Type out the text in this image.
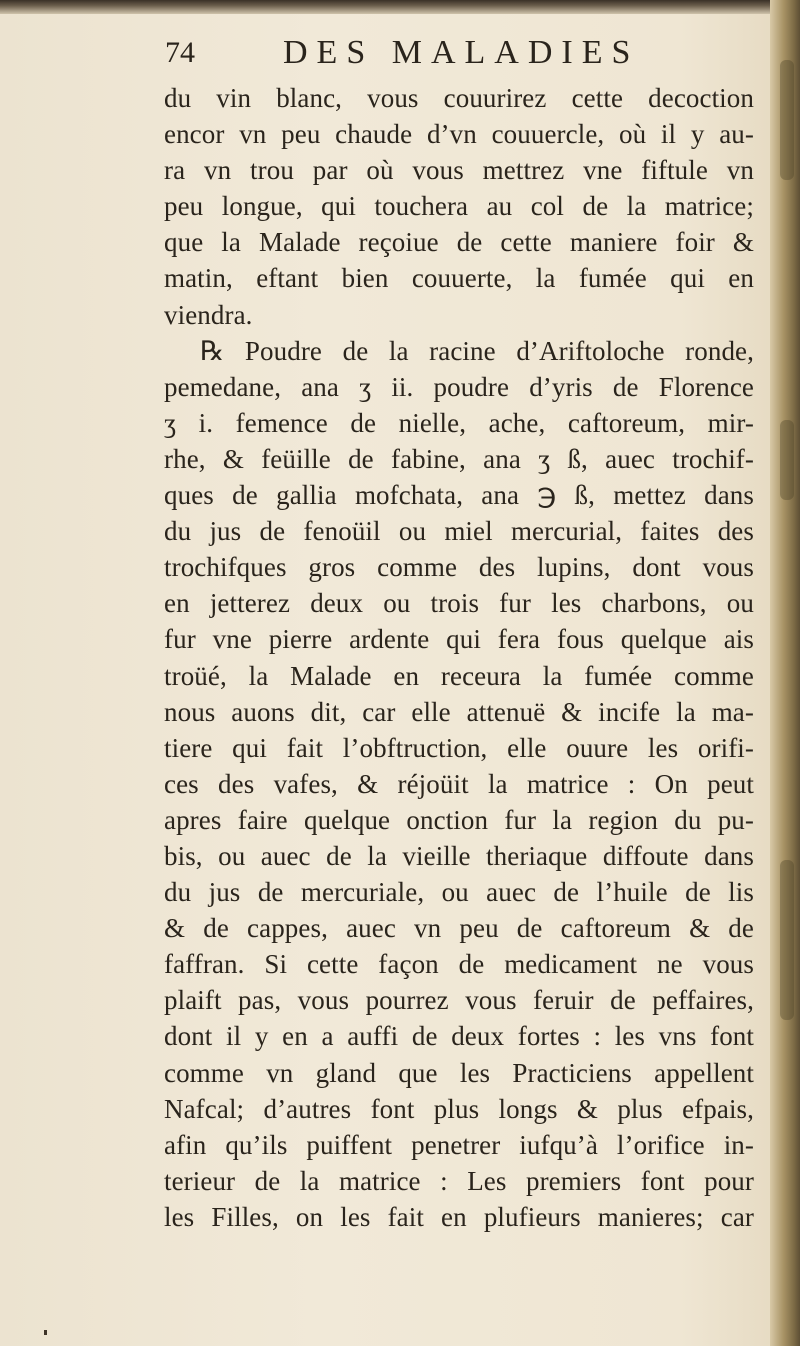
74	DES MALADIES
du vin blanc, vous couurirez cette decoction
encor vn peu chaude d’vn couuercle, où il y au-
ra vn trou par où vous mettrez vne fiftule vn
peu longue, qui touchera au col de la matrice;
que la Malade reçoiue de cette maniere foir &
matin, eftant bien couuerte, la fumée qui en
viendra.
℞ Poudre de la racine d’Ariftoloche ronde,
pemedane, ana ʒ ii. poudre d’yris de Florence
ʒ i. femence de nielle, ache, caftoreum, mir-
rhe, & feüille de fabine, ana ʒ ß, auec trochif-
ques de gallia mofchata, ana ℈ ß, mettez dans
du jus de fenoüil ou miel mercurial, faites des
trochifques gros comme des lupins, dont vous
en jetterez deux ou trois fur les charbons, ou
fur vne pierre ardente qui fera fous quelque ais
troüé, la Malade en receura la fumée comme
nous auons dit, car elle attenuë & incife la ma-
tiere qui fait l’obftruction, elle ouure les orifi-
ces des vafes, & réjoüit la matrice : On peut
apres faire quelque onction fur la region du pu-
bis, ou auec de la vieille theriaque diffoute dans
du jus de mercuriale, ou auec de l’huile de lis
& de cappes, auec vn peu de caftoreum & de
faffran. Si cette façon de medicament ne vous
plaift pas, vous pourrez vous feruir de peffaires,
dont il y en a auffi de deux fortes : les vns font
comme vn gland que les Practiciens appellent
Nafcal; d’autres font plus longs & plus efpais,
afin qu’ils puiffent penetrer iufqu’à l’orifice in-
terieur de la matrice : Les premiers font pour
les Filles, on les fait en plufieurs manieres; car
